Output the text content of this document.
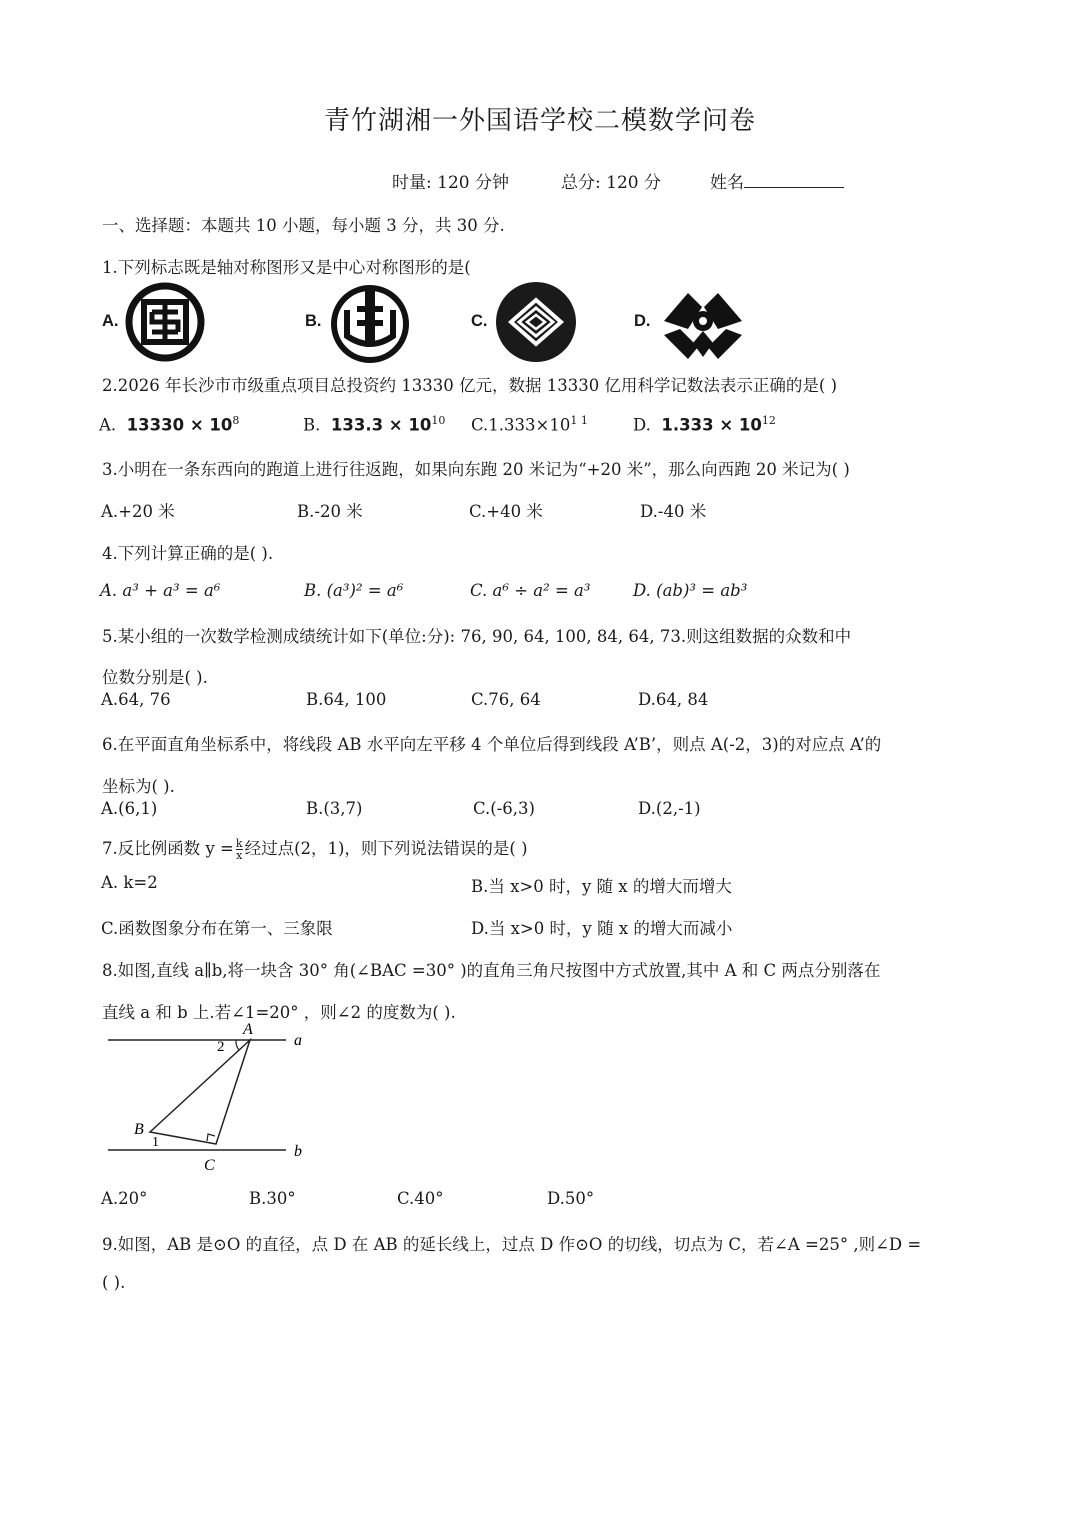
青竹湖湘一外国语学校二模数学问卷
时量: 120 分钟	总分: 120 分	姓名
一、选择题：本题共 10 小题，每小题 3 分，共 30 分.
1.下列标志既是轴对称图形又是中心对称图形的是(
A.	B.	C.	D.
2.2026 年长沙市市级重点项目总投资约 13330 亿元，数据 13330 亿用科学记数法表示正确的是( )
A. $13330 \times 10^8$	B. $133.3 \times 10^{10}$ $C.1.333\times 10^{1 1}$	D. $1.333 \times 10^{12}$
3.小明在一条东西向的跑道上进行往返跑，如果向东跑 20 米记为“+20 米”，那么向西跑 20 米记为( )
A.+20 米	B.-20 米	C.+40 米	D.-40 米
4.下列计算正确的是( ).
A. a³ + a³ = a⁶	B. (a³)² = a⁶	C. a⁶ ÷ a² = a³	D. (ab)³ = ab³
5.某小组的一次数学检测成绩统计如下(单位:分): 76, 90, 64, 100, 84, 64, 73.则这组数据的众数和中
位数分别是( ).
A.64, 76	B.64, 100	C.76, 64	D.64, 84
6.在平面直角坐标系中，将线段 AB 水平向左平移 4 个单位后得到线段 A’B’，则点 A(-2，3)的对应点 A’的
坐标为( ).
A.(6,1)	B.(3,7)	C.(-6,3)	D.(2,-1)
7.反比例函数 $y = \frac{k}{x}$ 经过点(2，1)，则下列说法错误的是( )
A. k=2	B.当 x>0 时，y 随 x 的增大而增大
C.函数图象分布在第一、三象限	D.当 x>0 时，y 随 x 的增大而减小
8.如图,直线 a∥b,将一块含 30° 角(∠BAC =30° )的直角三角尺按图中方式放置,其中 A 和 C 两点分别落在
直线 a 和 b 上.若∠1=20° ，则∠2 的度数为( ).
A
2	a
B
1
C
b
A.20°	B.30°	C.40°	D.50°
9.如图，AB 是⊙O 的直径，点 D 在 AB 的延长线上，过点 D 作⊙O 的切线，切点为 C，若∠A =25° ,则∠D =
( ).
